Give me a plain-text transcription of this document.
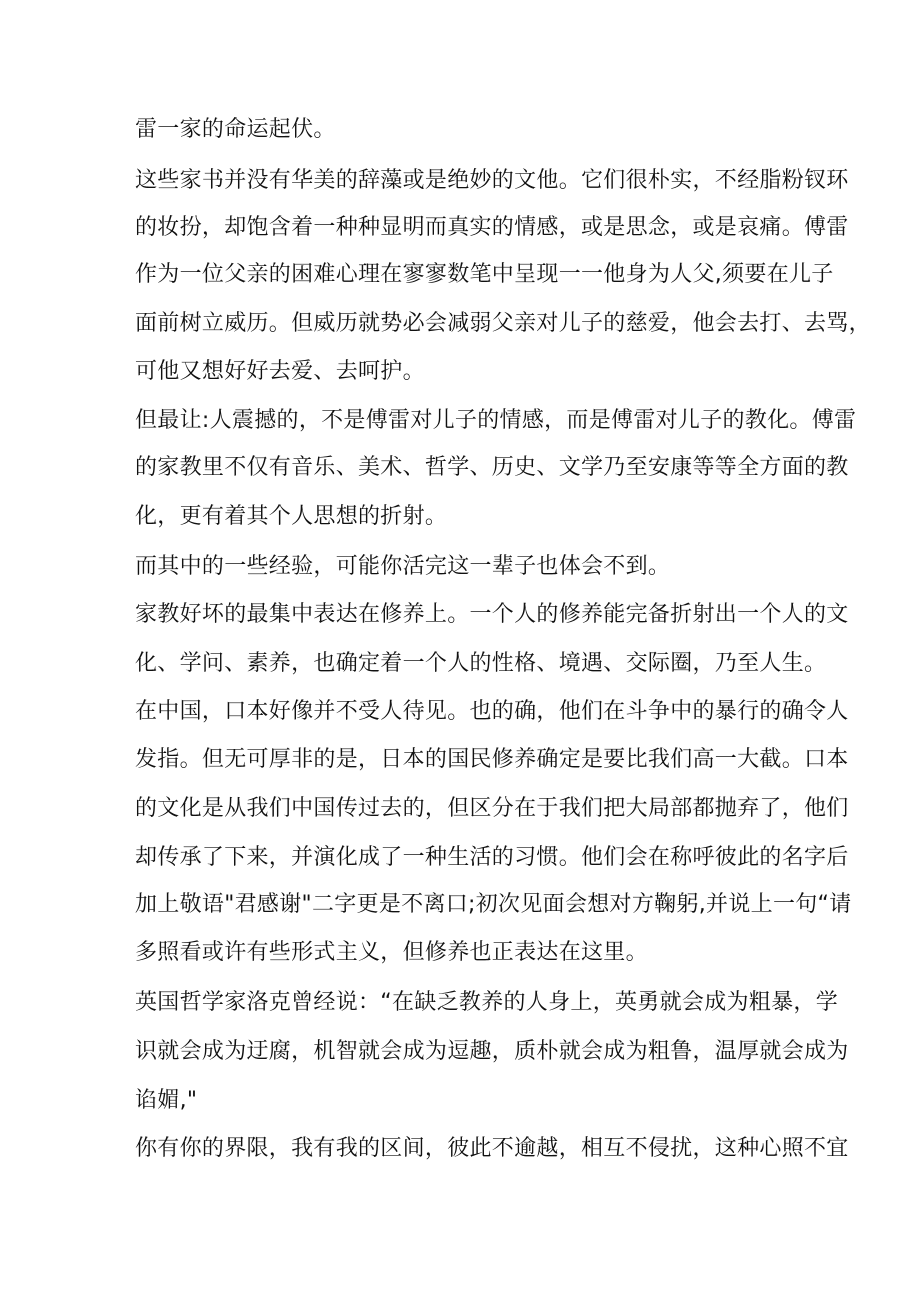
雷一家的命运起伏。
这些家书并没有华美的辞藻或是绝妙的文他。它们很朴实，不经脂粉钗环
的妆扮，却饱含着一种种显明而真实的情感，或是思念，或是哀痛。傅雷
作为一位父亲的困难心理在寥寥数笔中呈现一一他身为人父,须要在儿子
面前树立威历。但威历就势必会减弱父亲对儿子的慈爱，他会去打、去骂，
可他又想好好去爱、去呵护。
但最让:人震撼的，不是傅雷对儿子的情感，而是傅雷对儿子的教化。傅雷
的家教里不仅有音乐、美术、哲学、历史、文学乃至安康等等全方面的教
化，更有着其个人思想的折射。
而其中的一些经验，可能你活完这一辈子也体会不到。
家教好坏的最集中表达在修养上。一个人的修养能完备折射出一个人的文
化、学问、素养，也确定着一个人的性格、境遇、交际圈，乃至人生。
在中国，口本好像并不受人待见。也的确，他们在斗争中的暴行的确令人
发指。但无可厚非的是，日本的国民修养确定是要比我们高一大截。口本
的文化是从我们中国传过去的，但区分在于我们把大局部都抛弃了，他们
却传承了下来，并演化成了一种生活的习惯。他们会在称呼彼此的名字后
加上敬语"君感谢"二字更是不离口;初次见面会想对方鞠躬,并说上一句“请
多照看或许有些形式主义，但修养也正表达在这里。
英国哲学家洛克曾经说：“在缺乏教养的人身上，英勇就会成为粗暴，学
识就会成为迂腐，机智就会成为逗趣，质朴就会成为粗鲁，温厚就会成为
谄媚,"
你有你的界限，我有我的区间，彼此不逾越，相互不侵扰，这种心照不宜
